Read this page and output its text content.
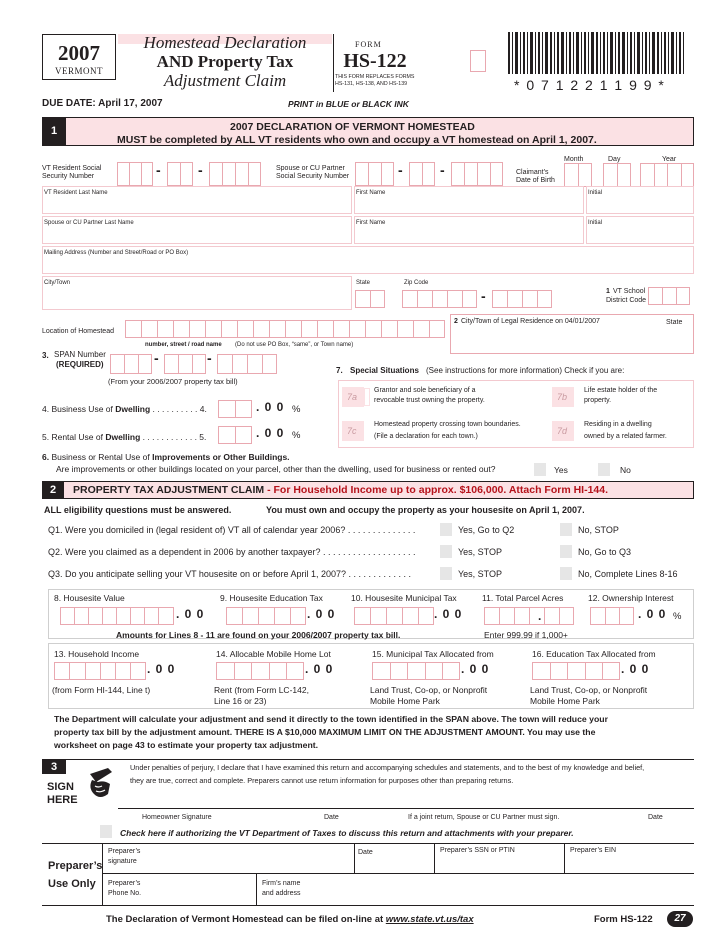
2007
VERMONT
Homestead Declaration
AND Property Tax
Adjustment Claim
FORM
HS-122
THIS FORM REPLACES FORMS
HS-131, HS-138, AND HS-139	* 0 7 1 2 2 1 1 9 9 *
DUE DATE: April 17, 2007	PRINT in BLUE or BLACK INK
1	2007 DECLARATION OF VERMONT HOMESTEAD
MUST be completed by ALL VT residents who own and occupy a VT homestead on April 1, 2007.
VT Resident Social
Security Number	-	-	Spouse or CU Partner
Social Security Number	-	-	Claimant’s
Date of Birth
Month	Day	Year
VT Resident Last Name	First Name	Initial
Spouse or CU Partner Last Name	First Name	Initial
Mailing Address (Number and Street/Road or PO Box)
City/Town	State	Zip Code
-	1 VT School
District Code
Location of Homestead
number, street / road name (Do not use PO Box, “same”, or Town name)
2 City/Town of Legal Residence on 04/01/2007	State
3. SPAN Number
(REQUIRED)	-	-
(From your 2006/2007 property tax bill)
7. Special Situations (See instructions for more information) Check if you are:
7a
Grantor and sole beneficiary of a
revocable trust owning the property.	7b
Life estate holder of the
property.
7c
Homestead property crossing town boundaries.
(File a declaration for each town.)
7d
Residing in a dwelling
owned by a related farmer.
4. Business Use of Dwelling . . . . . . . . . . 4.	. 0 0 %
5. Rental Use of Dwelling . . . . . . . . . . . . 5.	. 0 0 %
6. Business or Rental Use of Improvements or Other Buildings.
Are improvements or other buildings located on your parcel, other than the dwelling, used for business or rented out?	Yes	No
2	PROPERTY TAX ADJUSTMENT CLAIM - For Household Income up to approx. $106,000. Attach Form HI-144.
ALL eligibility questions must be answered.	You must own and occupy the property as your housesite on April 1, 2007.
Q1. Were you domiciled in (legal resident of) VT all of calendar year 2006? . . . . . . . . . . . . . .	Yes, Go to Q2	No, STOP
Q2. Were you claimed as a dependent in 2006 by another taxpayer? . . . . . . . . . . . . . . . . . . .	Yes, STOP	No, Go to Q3
Q3. Do you anticipate selling your VT housesite on or before April 1, 2007? . . . . . . . . . . . . .	Yes, STOP	No, Complete Lines 8-16
8. Housesite Value
. 0 0
9. Housesite Education Tax
. 0 0
10. Housesite Municipal Tax
. 0 0
11. Total Parcel Acres
.
12. Ownership Interest
. 0 0 %
Amounts for Lines 8 - 11 are found on your 2006/2007 property tax bill.	Enter 999.99 if 1,000+
13. Household Income
. 0 0
(from Form HI-144, Line t)
14. Allocable Mobile Home Lot
. 0 0
Rent (from Form LC-142,
Line 16 or 23)
15. Municipal Tax Allocated from
. 0 0
Land Trust, Co-op, or Nonprofit
Mobile Home Park
16. Education Tax Allocated from
. 0 0
Land Trust, Co-op, or Nonprofit
Mobile Home Park
The Department will calculate your adjustment and send it directly to the town identified in the SPAN above. The town will reduce your
property tax bill by the adjustment amount. THERE IS A $10,000 MAXIMUM LIMIT ON THE ADJUSTMENT AMOUNT. You may use the
worksheet on page 43 to estimate your property tax adjustment.
3
SIGN
HERE
Under penalties of perjury, I declare that I have examined this return and accompanying schedules and statements, and to the best of my knowledge and belief,
they are true, correct and complete. Preparers cannot use return information for purposes other than preparing returns.
Homeowner Signature	Date	If a joint return, Spouse or CU Partner must sign.	Date
Check here if authorizing the VT Department of Taxes to discuss this return and attachments with your preparer.
Preparer’s
Use Only
Preparer’s
signature
Date	Preparer’s SSN or PTIN	Preparer’s EIN
Preparer’s
Phone No.
Firm’s name
and address
The Declaration of Vermont Homestead can be filed on-line at www.state.vt.us/tax	Form HS-122	27
